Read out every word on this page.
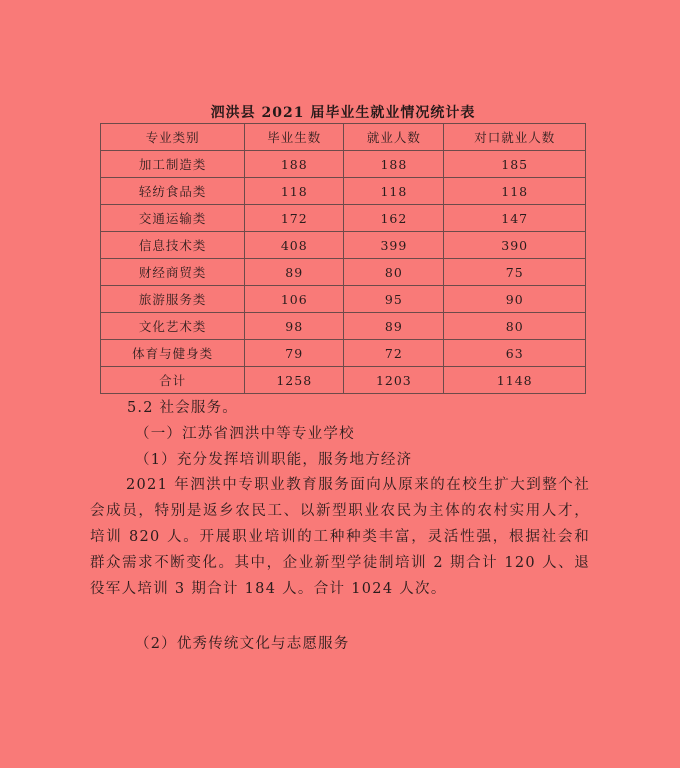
泗洪县 2021 届毕业生就业情况统计表
专业类别	毕业生数	就业人数	对口就业人数
加工制造类	188	188	185
轻纺食品类	118	118	118
交通运输类	172	162	147
信息技术类	408	399	390
财经商贸类	89	80	75
旅游服务类	106	95	90
文化艺术类	98	89	80
体育与健身类	79	72	63
合计	1258	1203	1148
5.2 社会服务。
（一）江苏省泗洪中等专业学校
（1）充分发挥培训职能，服务地方经济
2021 年泗洪中专职业教育服务面向从原来的在校生扩大到整个社会成员，特别是返乡农民工、以新型职业农民为主体的农村实用人才，培训 820 人。开展职业培训的工种种类丰富，灵活性强，根据社会和群众需求不断变化。其中，企业新型学徒制培训 2 期合计 120 人、退役军人培训 3 期合计 184 人。合计 1024 人次。
（2）优秀传统文化与志愿服务
